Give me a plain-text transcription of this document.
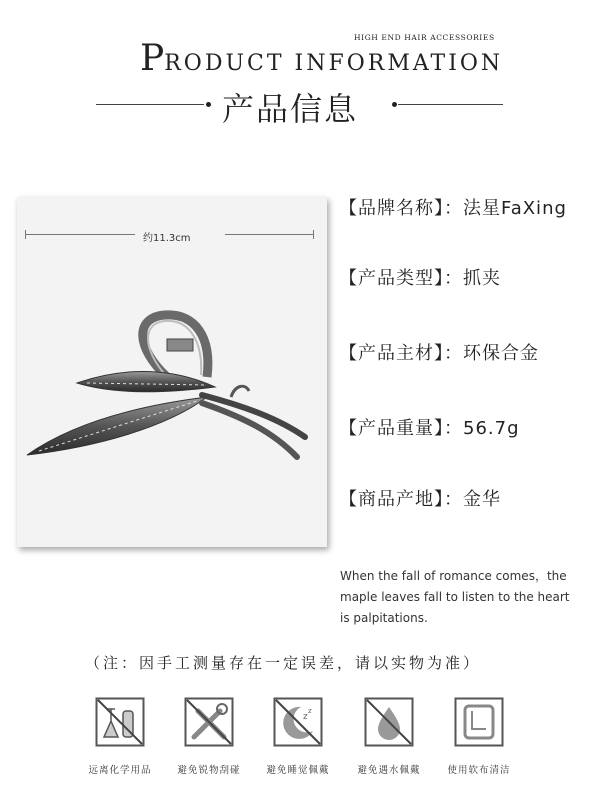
HIGH END HAIR ACCESSORIES
PRODUCT INFORMATION
产品信息
约11.3cm
【品牌名称】：法星FaXing
【产品类型】：抓夹
【产品主材】：环保合金
【产品重量】：56.7g
【商品产地】：金华
When the fall of romance comes，the maple leaves fall to listen to the heart is palpitations.
（注：因手工测量存在一定误差，请以实物为准）
远离化学用品	避免锐物刮碰
z
z
避免睡觉佩戴	避免遇水佩戴	使用软布清洁
